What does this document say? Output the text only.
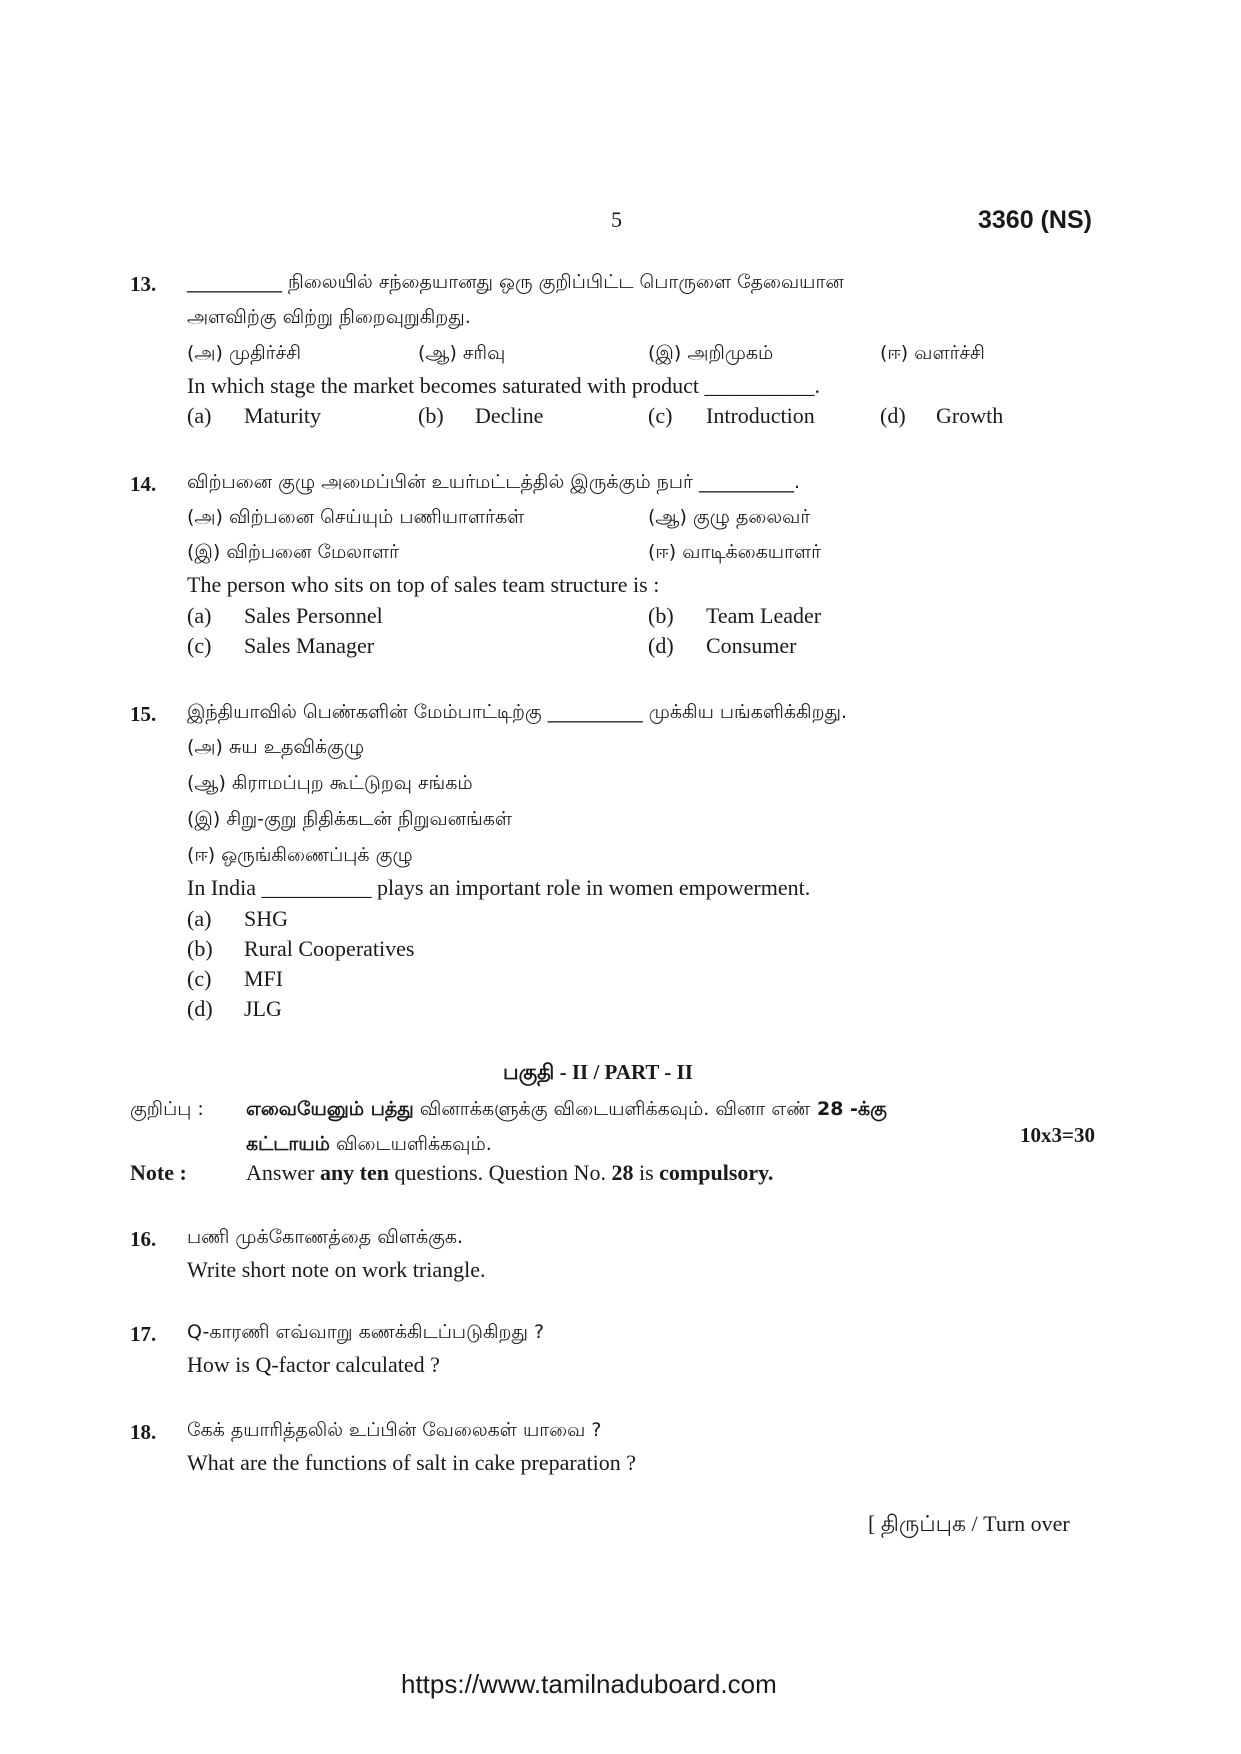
5	3360 (NS)
13. __________ நிலையில் சந்தையானது ஒரு குறிப்பிட்ட பொருளை தேவையான
அளவிற்கு விற்று நிறைவுறுகிறது.
(அ) முதிர்ச்சி	(ஆ) சரிவு	(இ) அறிமுகம்	(ஈ) வளர்ச்சி
In which stage the market becomes saturated with product __________.
(a) Maturity	(b) Decline	(c) Introduction	(d) Growth
14. விற்பனை குழு அமைப்பின் உயர்மட்டத்தில் இருக்கும் நபர் __________.
(அ) விற்பனை செய்யும் பணியாளர்கள்	(ஆ) குழு தலைவர்
(இ) விற்பனை மேலாளர்	(ஈ) வாடிக்கையாளர்
The person who sits on top of sales team structure is :
(a) Sales Personnel	(b) Team Leader
(c) Sales Manager	(d) Consumer
15. இந்தியாவில் பெண்களின் மேம்பாட்டிற்கு __________ முக்கிய பங்களிக்கிறது.
(அ) சுய உதவிக்குழு
(ஆ) கிராமப்புற கூட்டுறவு சங்கம்
(இ) சிறு-குறு நிதிக்கடன் நிறுவனங்கள்
(ஈ) ஒருங்கிணைப்புக் குழு
In India __________ plays an important role in women empowerment.
(a) SHG
(b) Rural Cooperatives
(c) MFI
(d) JLG
பகுதி - II / PART - II
குறிப்பு : எவையேனும் பத்து வினாக்களுக்கு விடையளிக்கவும். வினா எண் 28 -க்கு
கட்டாயம் விடையளிக்கவும்.	10x3=30
Note :	Answer any ten questions. Question No. 28 is compulsory.
16. பணி முக்கோணத்தை விளக்குக.
Write short note on work triangle.
17. Q-காரணி எவ்வாறு கணக்கிடப்படுகிறது ?
How is Q-factor calculated ?
18. கேக் தயாரித்தலில் உப்பின் வேலைகள் யாவை ?
What are the functions of salt in cake preparation ?
[ திருப்புக / Turn over
https://www.tamilnaduboard.com
